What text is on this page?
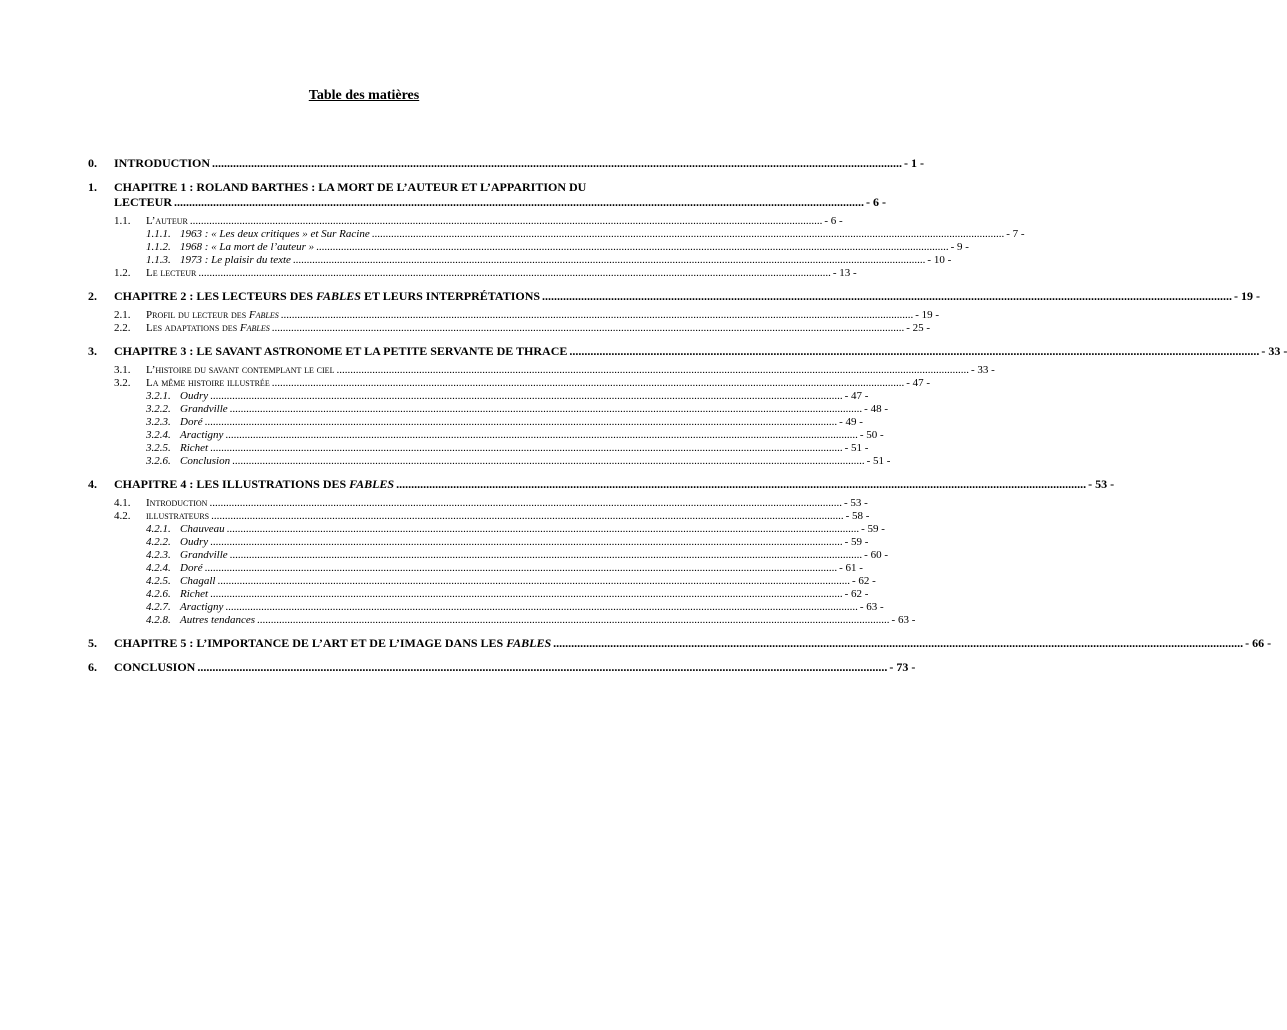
Table des matières
0. INTRODUCTION .....	- 1 -
1. CHAPITRE 1 : ROLAND BARTHES : LA MORT DE L’AUTEUR ET L’APPARITION DU
LECTEUR .....	- 6 -
1.1.	L’auteur .....	- 6 -
1.1.1. 1963 : « Les deux critiques » et Sur Racine .....	- 7 -
1.1.2. 1968 : « La mort de l’auteur » .....	- 9 -
1.1.3. 1973 : Le plaisir du texte .....	- 10 -
1.2.	Le lecteur .....	- 13 -
2. CHAPITRE 2 : LES LECTEURS DES FABLES ET LEURS INTERPRÉTATIONS .....	- 19 -
2.1.	Profil du lecteur des Fables .....	- 19 -
2.2.	Les adaptations des Fables .....	- 25 -
3. CHAPITRE 3 : LE SAVANT ASTRONOME ET LA PETITE SERVANTE DE THRACE .....	- 33 -
3.1.	L’histoire du savant contemplant le ciel .....	- 33 -
3.2.	La même histoire illustrée .....	- 47 -
3.2.1. Oudry .....	- 47 -
3.2.2. Grandville .....	- 48 -
3.2.3. Doré .....	- 49 -
3.2.4. Aractigny .....	- 50 -
3.2.5. Richet .....	- 51 -
3.2.6. Conclusion .....	- 51 -
4. CHAPITRE 4 : LES ILLUSTRATIONS DES FABLES .....	- 53 -
4.1.	Introduction .....	- 53 -
4.2.	illustrateurs .....	- 58 -
4.2.1. Chauveau .....	- 59 -
4.2.2. Oudry .....	- 59 -
4.2.3. Grandville .....	- 60 -
4.2.4. Doré .....	- 61 -
4.2.5. Chagall .....	- 62 -
4.2.6. Richet .....	- 62 -
4.2.7. Aractigny .....	- 63 -
4.2.8. Autres tendances .....	- 63 -
5. CHAPITRE 5 : L’IMPORTANCE DE L’ART ET DE L’IMAGE DANS LES FABLES .....	- 66 -
6. CONCLUSION .....	- 73 -
